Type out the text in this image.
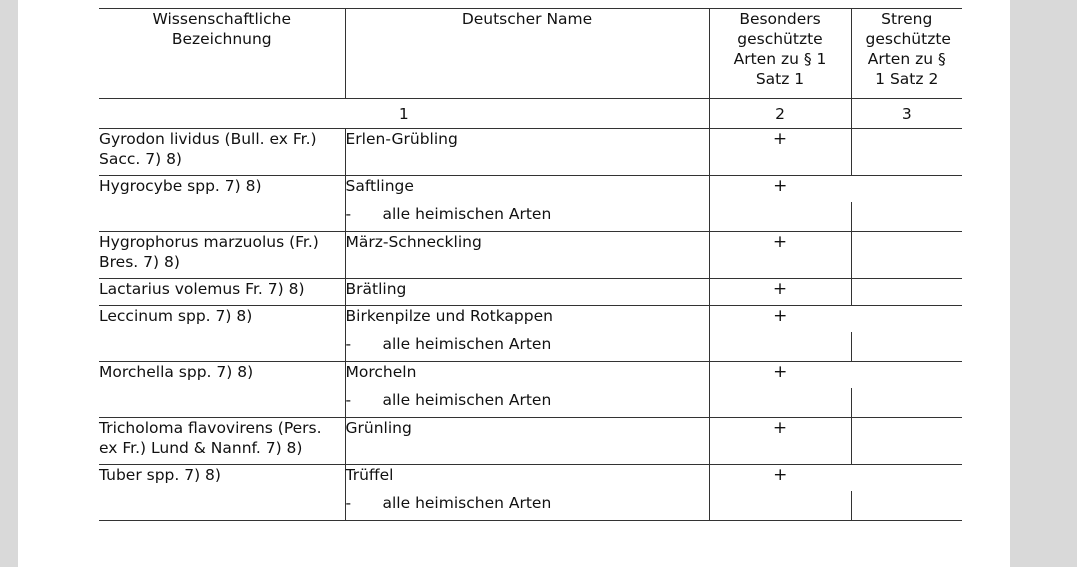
Wissenschaftliche Bezeichnung	Deutscher Name	Besonders geschützte Arten zu § 1 Satz 1	Streng geschützte Arten zu § 1 Satz 2
1		2	3
Gyrodon lividus (Bull. ex Fr.) Sacc. 7) 8)	Erlen-Grübling	+	
Hygrocybe spp. 7) 8)	Saftlinge	+	
	- alle heimischen Arten		
Hygrophorus marzuolus (Fr.) Bres. 7) 8)	März-Schneckling	+	
Lactarius volemus Fr. 7) 8)	Brätling	+	
Leccinum spp. 7) 8)	Birkenpilze und Rotkappen	+	
	- alle heimischen Arten		
Morchella spp. 7) 8)	Morcheln	+	
	- alle heimischen Arten		
Tricholoma flavovirens (Pers. ex Fr.) Lund & Nannf. 7) 8)	Grünling	+	
Tuber spp. 7) 8)	Trüffel	+	
	- alle heimischen Arten		
